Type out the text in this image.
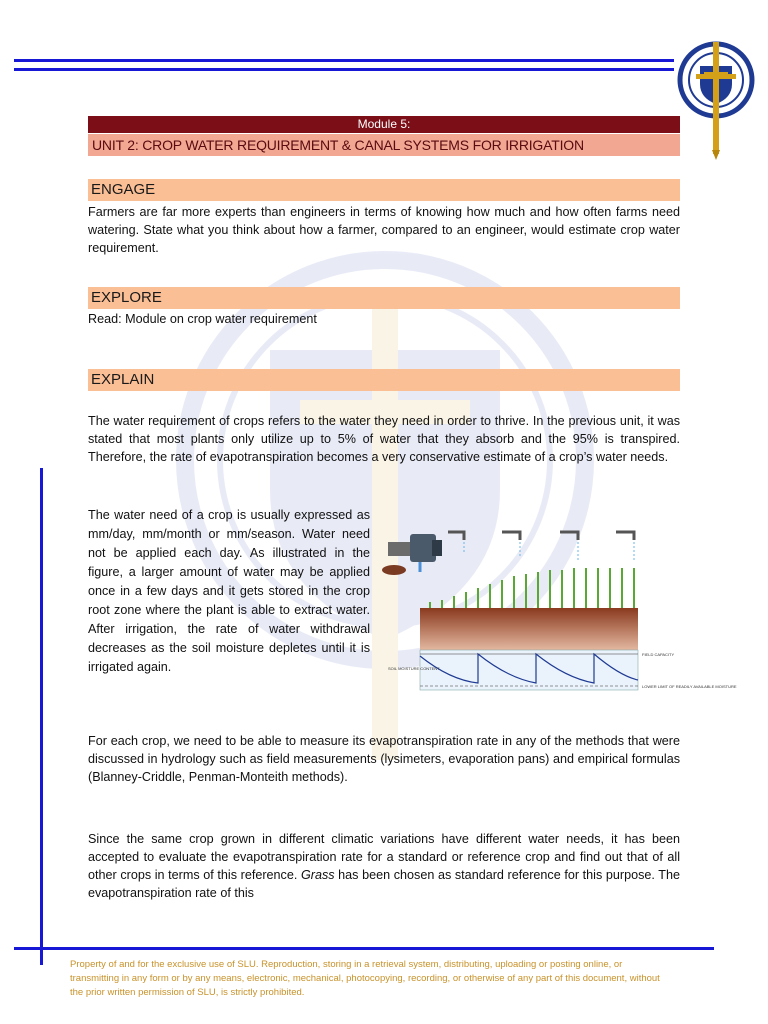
Module 5:
UNIT 2: CROP WATER REQUIREMENT & CANAL SYSTEMS FOR IRRIGATION
ENGAGE

Farmers are far more experts than engineers in terms of knowing how much and how often farms need watering. State what you think about how a farmer, compared to an engineer, would estimate crop water requirement.

EXPLORE

Read: Module on crop water requirement

EXPLAIN

The water requirement of crops refers to the water they need in order to thrive. In the previous unit, it was stated that most plants only utilize up to 5% of water that they absorb and the 95% is transpired. Therefore, the rate of evapotranspiration becomes a very conservative estimate of a crop’s water needs.

The water need of a crop is usually expressed as mm/day, mm/month or mm/season. Water need not be applied each day. As illustrated in the figure, a larger amount of water may be applied once in a few days and it gets stored in the crop root zone where the plant is able to extract water. After irrigation, the rate of water withdrawal decreases as the soil moisture depletes until it is irrigated again.

FIELD CAPACITY
SOIL MOISTURE CONTENT
LOWER LIMIT OF READILY AVAILABLE MOISTURE

For each crop, we need to be able to measure its evapotranspiration rate in any of the methods that were discussed in hydrology such as field measurements (lysimeters, evaporation pans) and empirical formulas (Blanney-Criddle, Penman-Monteith methods).

Since the same crop grown in different climatic variations have different water needs, it has been accepted to evaluate the evapotranspiration rate for a standard or reference crop and find out that of all other crops in terms of this reference. Grass has been chosen as standard reference for this purpose. The evapotranspiration rate of this

Property of and for the exclusive use of SLU. Reproduction, storing in a retrieval system, distributing, uploading or posting online, or transmitting in any form or by any means, electronic, mechanical, photocopying, recording, or otherwise of any part of this document, without the prior written permission of SLU, is strictly prohibited.
